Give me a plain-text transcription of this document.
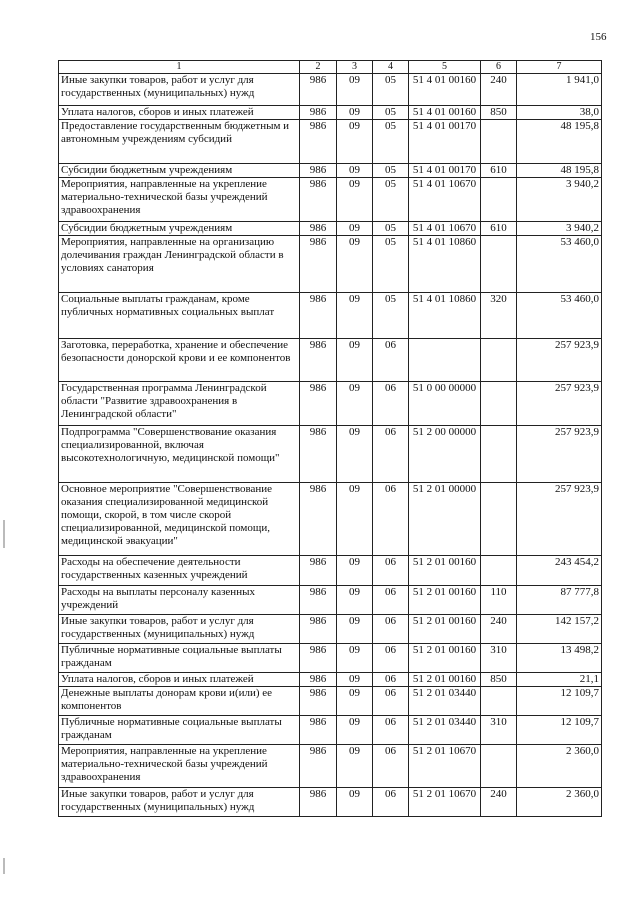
156
1	2	3	4	5	6	7
Иные закупки товаров, работ и услуг для государственных (муниципальных) нужд	986	09	05	51 4 01 00160	240	1 941,0
Уплата налогов, сборов и иных платежей	986	09	05	51 4 01 00160	850	38,0
Предоставление государственным бюджетным и автономным учреждениям субсидий	986	09	05	51 4 01 00170		48 195,8
Субсидии бюджетным учреждениям	986	09	05	51 4 01 00170	610	48 195,8
Мероприятия, направленные на укрепление материально-технической базы учреждений здравоохранения	986	09	05	51 4 01 10670		3 940,2
Субсидии бюджетным учреждениям	986	09	05	51 4 01 10670	610	3 940,2
Мероприятия, направленные на организацию долечивания граждан Ленинградской области в условиях санатория	986	09	05	51 4 01 10860		53 460,0
Социальные выплаты гражданам, кроме публичных нормативных социальных выплат	986	09	05	51 4 01 10860	320	53 460,0
Заготовка, переработка, хранение и обеспечение безопасности донорской крови и ее компонентов	986	09	06			257 923,9
Государственная программа Ленинградской области "Развитие здравоохранения в Ленинградской области"	986	09	06	51 0 00 00000		257 923,9
Подпрограмма "Совершенствование оказания специализированной, включая высокотехнологичную, медицинской помощи"	986	09	06	51 2 00 00000		257 923,9
Основное мероприятие "Совершенствование оказания специализированной медицинской помощи, скорой, в том числе скорой специализированной, медицинской помощи, медицинской эвакуации"	986	09	06	51 2 01 00000		257 923,9
Расходы на обеспечение деятельности государственных казенных учреждений	986	09	06	51 2 01 00160		243 454,2
Расходы на выплаты персоналу казенных учреждений	986	09	06	51 2 01 00160	110	87 777,8
Иные закупки товаров, работ и услуг для государственных (муниципальных) нужд	986	09	06	51 2 01 00160	240	142 157,2
Публичные нормативные социальные выплаты гражданам	986	09	06	51 2 01 00160	310	13 498,2
Уплата налогов, сборов и иных платежей	986	09	06	51 2 01 00160	850	21,1
Денежные выплаты донорам крови и(или) ее компонентов	986	09	06	51 2 01 03440		12 109,7
Публичные нормативные социальные выплаты гражданам	986	09	06	51 2 01 03440	310	12 109,7
Мероприятия, направленные на укрепление материально-технической базы учреждений здравоохранения	986	09	06	51 2 01 10670		2 360,0
Иные закупки товаров, работ и услуг для государственных (муниципальных) нужд	986	09	06	51 2 01 10670	240	2 360,0
